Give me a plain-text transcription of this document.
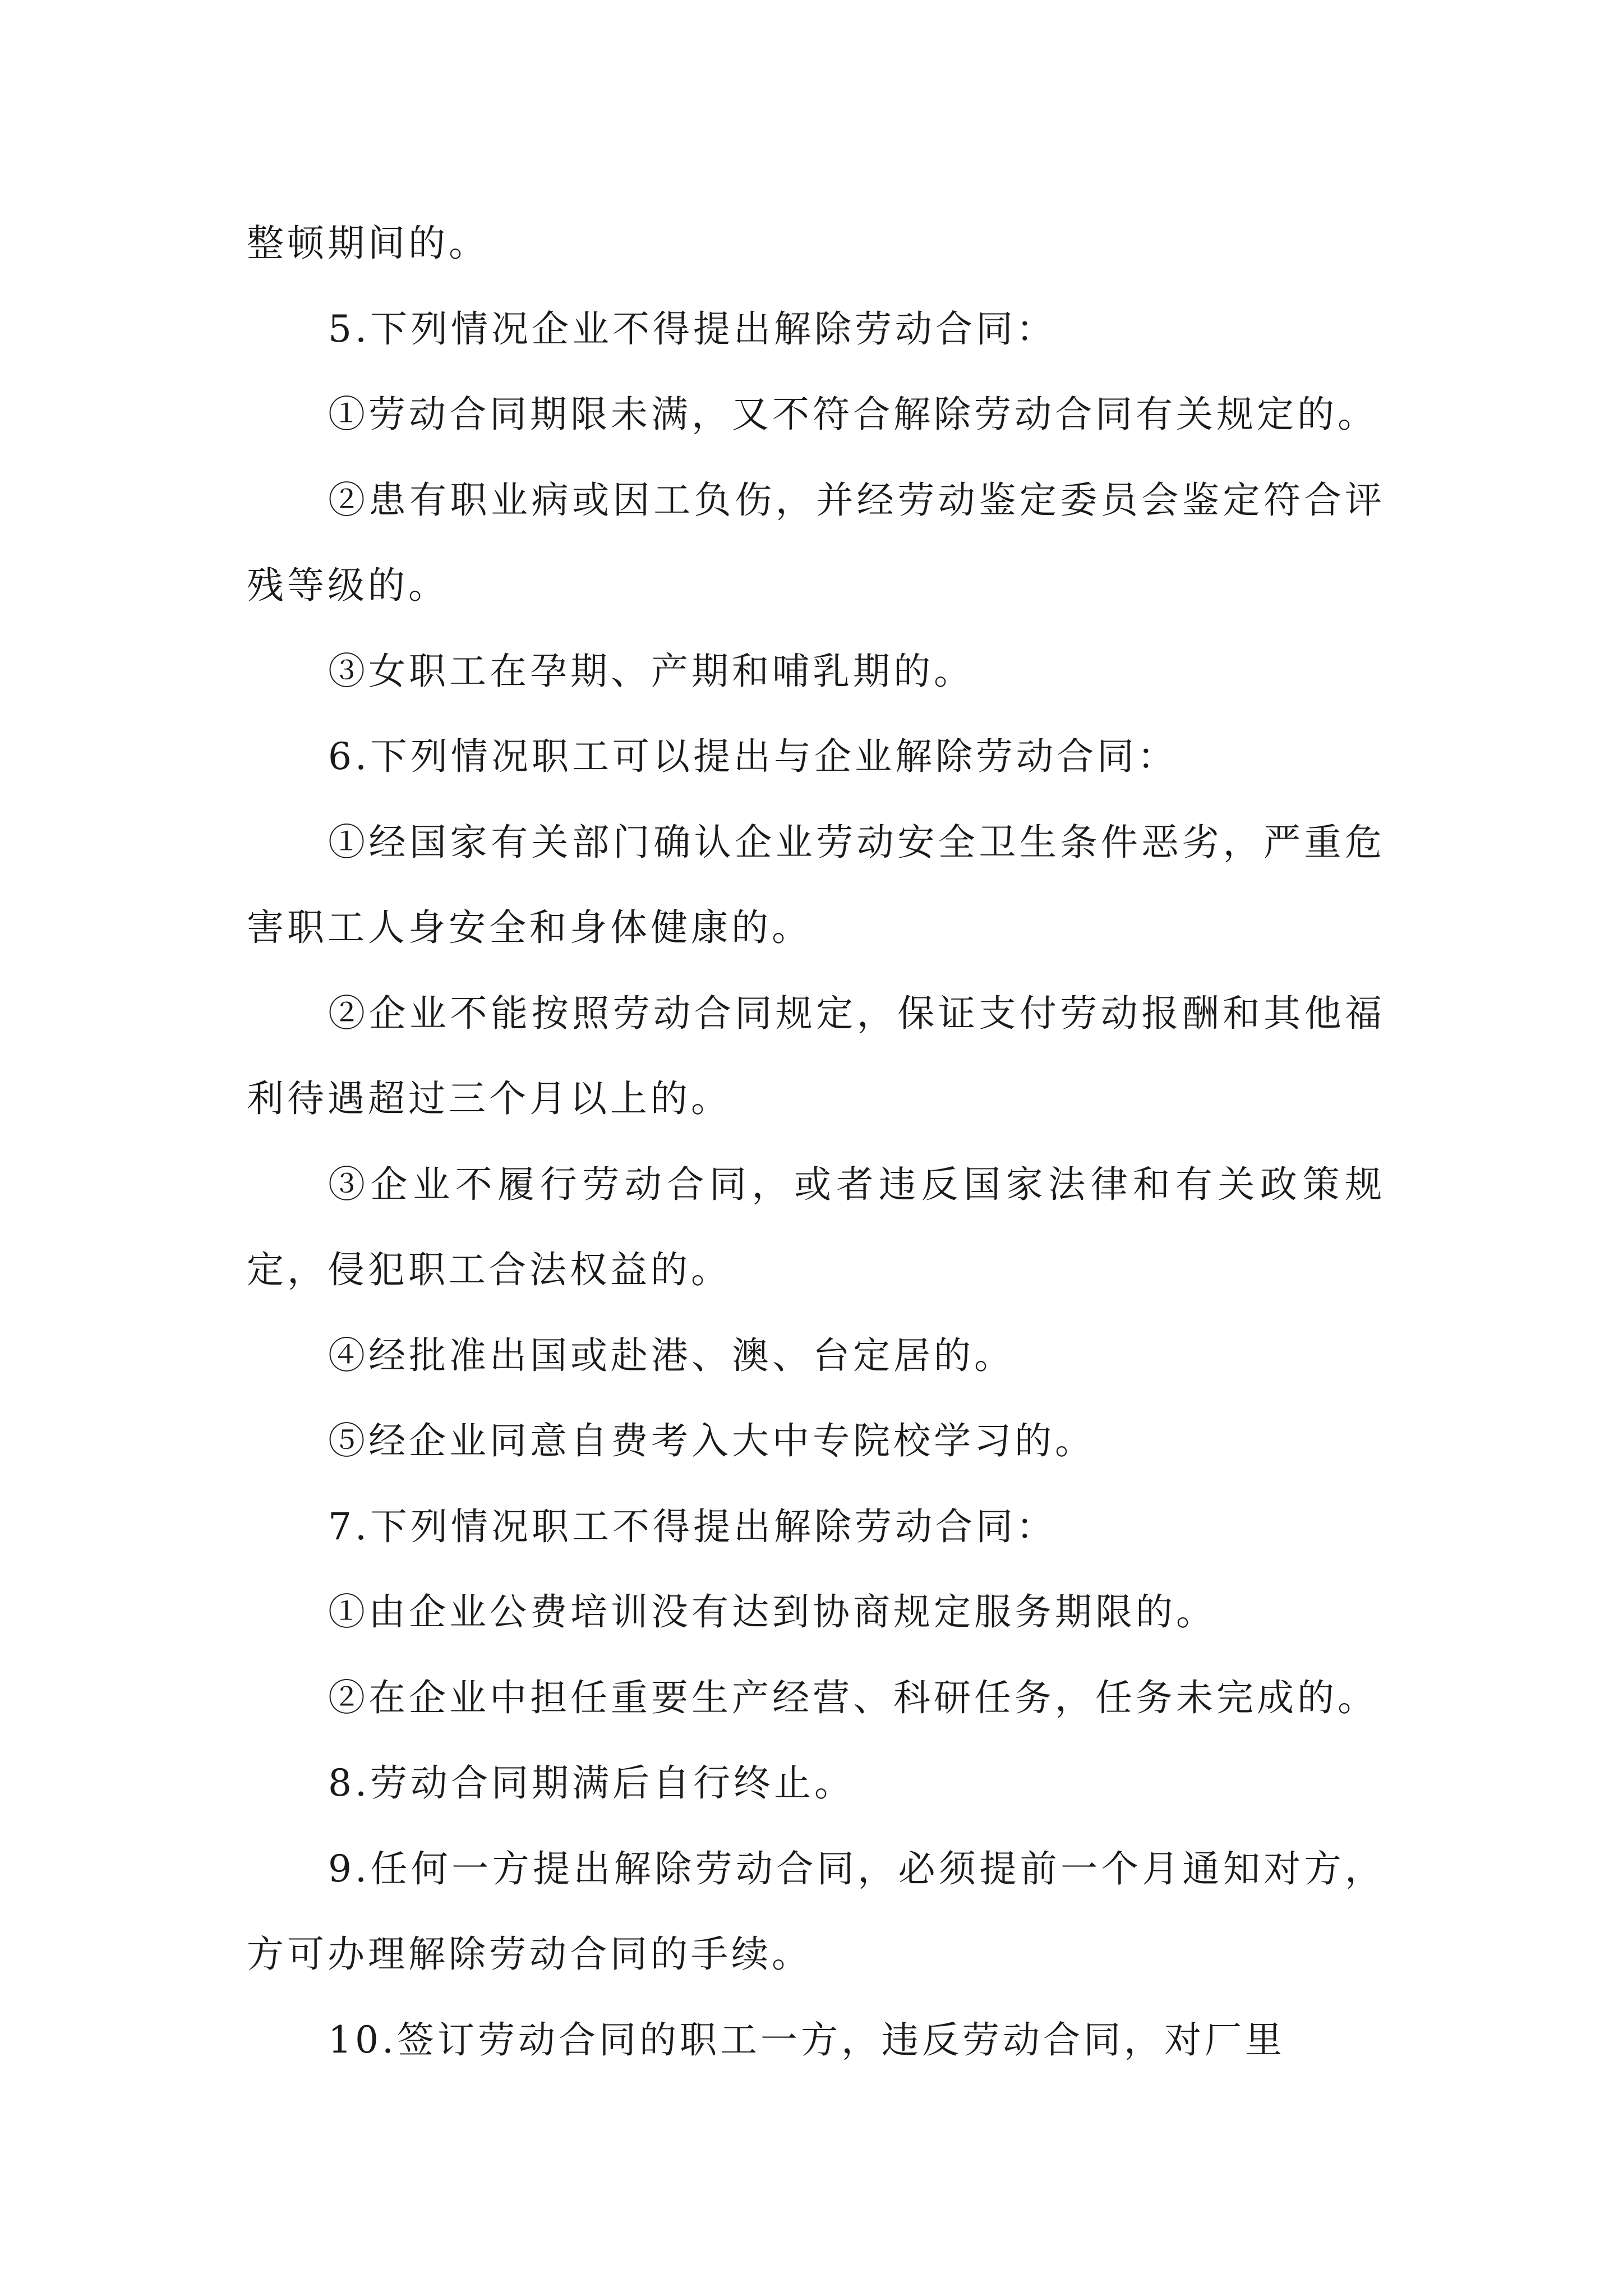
整顿期间的。

5.下列情况企业不得提出解除劳动合同：

①劳动合同期限未满，又不符合解除劳动合同有关规定的。

②患有职业病或因工负伤，并经劳动鉴定委员会鉴定符合评残等级的。

③女职工在孕期、产期和哺乳期的。

6.下列情况职工可以提出与企业解除劳动合同：

①经国家有关部门确认企业劳动安全卫生条件恶劣，严重危害职工人身安全和身体健康的。

②企业不能按照劳动合同规定，保证支付劳动报酬和其他福利待遇超过三个月以上的。

③企业不履行劳动合同，或者违反国家法律和有关政策规定，侵犯职工合法权益的。

④经批准出国或赴港、澳、台定居的。

⑤经企业同意自费考入大中专院校学习的。

7.下列情况职工不得提出解除劳动合同：

①由企业公费培训没有达到协商规定服务期限的。

②在企业中担任重要生产经营、科研任务，任务未完成的。

8.劳动合同期满后自行终止。

9.任何一方提出解除劳动合同，必须提前一个月通知对方，方可办理解除劳动合同的手续。

10.签订劳动合同的职工一方，违反劳动合同，对厂里
